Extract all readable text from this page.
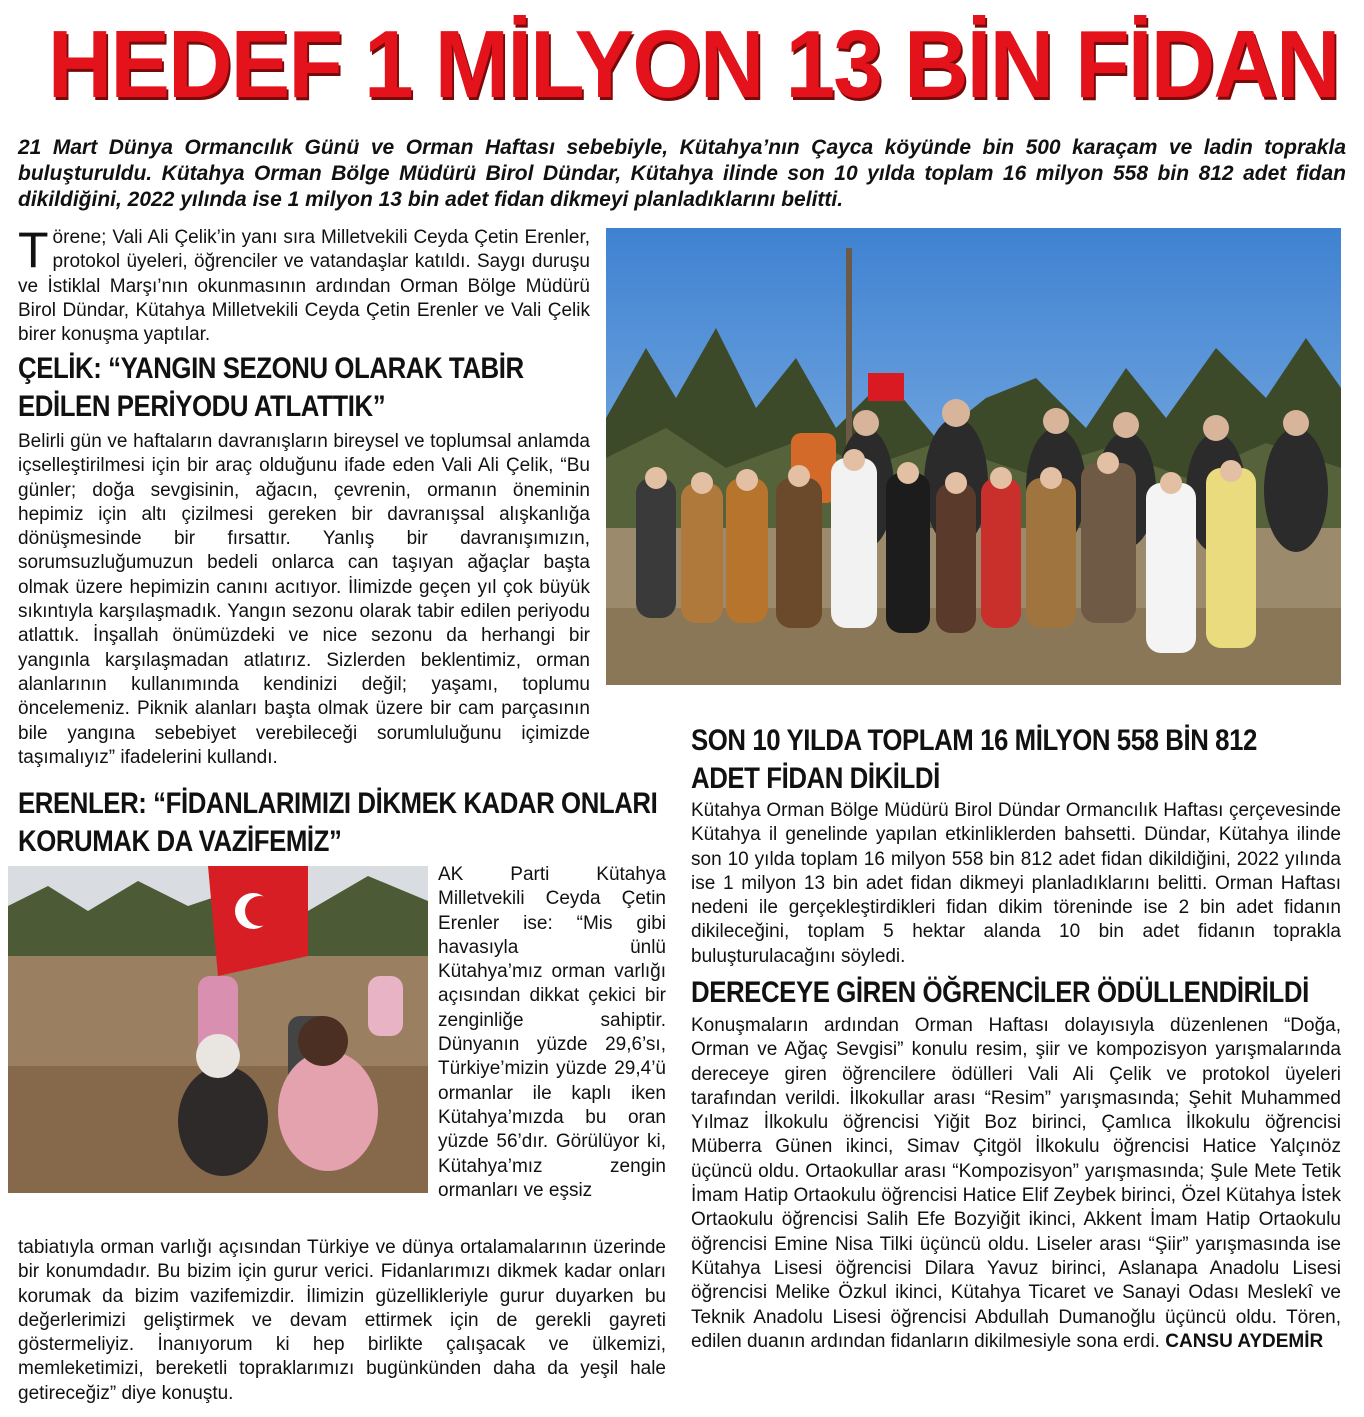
HEDEF 1 MİLYON 13 BİN FİDAN
21 Mart Dünya Ormancılık Günü ve Orman Haftası sebebiyle, Kütahya’nın Çayca köyünde bin 500 karaçam ve ladin toprakla buluşturuldu. Kütahya Orman Bölge Müdürü Birol Dündar, Kütahya ilinde son 10 yılda toplam 16 milyon 558 bin 812 adet fidan dikildiğini, 2022 yılında ise 1 milyon 13 bin adet fidan dikmeyi planladıklarını belitti.
Törene; Vali Ali Çelik’in yanı sıra Milletvekili Ceyda Çetin Erenler, protokol üyeleri, öğrenciler ve vatandaşlar katıldı. Saygı duruşu ve İstiklal Marşı’nın okunmasının ardından Orman Bölge Müdürü Birol Dündar, Kütahya Milletvekili Ceyda Çetin Erenler ve Vali Çelik birer konuşma yaptılar.
ÇELİK: “YANGIN SEZONU OLARAK TABİR
EDİLEN PERİYODU ATLATTIK”

Belirli gün ve haftaların davranışların bireysel ve toplumsal anlamda içselleştirilmesi için bir araç olduğunu ifade eden Vali Ali Çelik, “Bu günler; doğa sevgisinin, ağacın, çevrenin, ormanın öneminin hepimiz için altı çizilmesi gereken bir davranışsal alışkanlığa dönüşmesinde bir fırsattır. Yanlış bir davranışımızın, sorumsuzluğumuzun bedeli onlarca can taşıyan ağaçlar başta olmak üzere hepimizin canını acıtıyor. İlimizde geçen yıl çok büyük sıkıntıyla karşılaşmadık. Yangın sezonu olarak tabir edilen periyodu atlattık. İnşallah önümüzdeki ve nice sezonu da herhangi bir yangınla karşılaşmadan atlatırız. Sizlerden beklentimiz, orman alanlarının kullanımında kendinizi değil; yaşamı, toplumu öncelemeniz. Piknik alanları başta olmak üzere bir cam parçasının bile yangına sebebiyet verebileceği sorumluluğunu içimizde taşımalıyız” ifadelerini kullandı.

ERENLER: “FİDANLARIMIZI DİKMEK KADAR ONLARI
KORUMAK DA VAZİFEMİZ”

AK Parti Kütahya Milletvekili Ceyda Çetin Erenler ise: “Mis gibi havasıyla ünlü Kütahya’mız orman varlığı açısından dikkat çekici bir zenginliğe sahiptir. Dünyanın yüzde 29,6’sı, Türkiye’mizin yüzde 29,4’ü ormanlar ile kaplı iken Kütahya’mızda bu oran yüzde 56’dır. Görülüyor ki, Kütahya’mız zengin ormanları ve eşsiz

tabiatıyla orman varlığı açısından Türkiye ve dünya ortalamalarının üzerinde bir konumdadır. Bu bizim için gurur verici. Fidanlarımızı dikmek kadar onları korumak da bizim vazifemizdir. İlimizin güzellikleriyle gurur duyarken bu değerlerimizi geliştirmek ve devam ettirmek için de gerekli gayreti göstermeliyiz. İnanıyorum ki hep birlikte çalışacak ve ülkemizi, memleketimizi, bereketli topraklarımızı bugünkünden daha da yeşil hale getireceğiz” diye konuştu.

SON 10 YILDA TOPLAM 16 MİLYON 558 BİN 812
ADET FİDAN DİKİLDİ

Kütahya Orman Bölge Müdürü Birol Dündar Ormancılık Haftası çerçevesinde Kütahya il genelinde yapılan etkinliklerden bahsetti. Dündar, Kütahya ilinde son 10 yılda toplam 16 milyon 558 bin 812 adet fidan dikildiğini, 2022 yılında ise 1 milyon 13 bin adet fidan dikmeyi planladıklarını belitti. Orman Haftası nedeni ile gerçekleştirdikleri fidan dikim töreninde ise 2 bin adet fidanın dikileceğini, toplam 5 hektar alanda 10 bin adet fidanın toprakla buluşturulacağını söyledi.

DERECEYE GİREN ÖĞRENCİLER ÖDÜLLENDİRİLDİ

Konuşmaların ardından Orman Haftası dolayısıyla düzenlenen “Doğa, Orman ve Ağaç Sevgisi” konulu resim, şiir ve kompozisyon yarışmalarında dereceye giren öğrencilere ödülleri Vali Ali Çelik ve protokol üyeleri tarafından verildi. İlkokullar arası “Resim” yarışmasında; Şehit Muhammed Yılmaz İlkokulu öğrencisi Yiğit Boz birinci, Çamlıca İlkokulu öğrencisi Müberra Günen ikinci, Simav Çitgöl İlkokulu öğrencisi Hatice Yalçınöz üçüncü oldu. Ortaokullar arası “Kompozisyon” yarışmasında; Şule Mete Tetik İmam Hatip Ortaokulu öğrencisi Hatice Elif Zeybek birinci, Özel Kütahya İstek Ortaokulu öğrencisi Salih Efe Bozyiğit ikinci, Akkent İmam Hatip Ortaokulu öğrencisi Emine Nisa Tilki üçüncü oldu. Liseler arası “Şiir” yarışmasında ise Kütahya Lisesi öğrencisi Dilara Yavuz birinci, Aslanapa Anadolu Lisesi öğrencisi Melike Özkul ikinci, Kütahya Ticaret ve Sanayi Odası Meslekî ve Teknik Anadolu Lisesi öğrencisi Abdullah Dumanoğlu üçüncü oldu. Tören, edilen duanın ardından fidanların dikilmesiyle sona erdi. CANSU AYDEMİR
